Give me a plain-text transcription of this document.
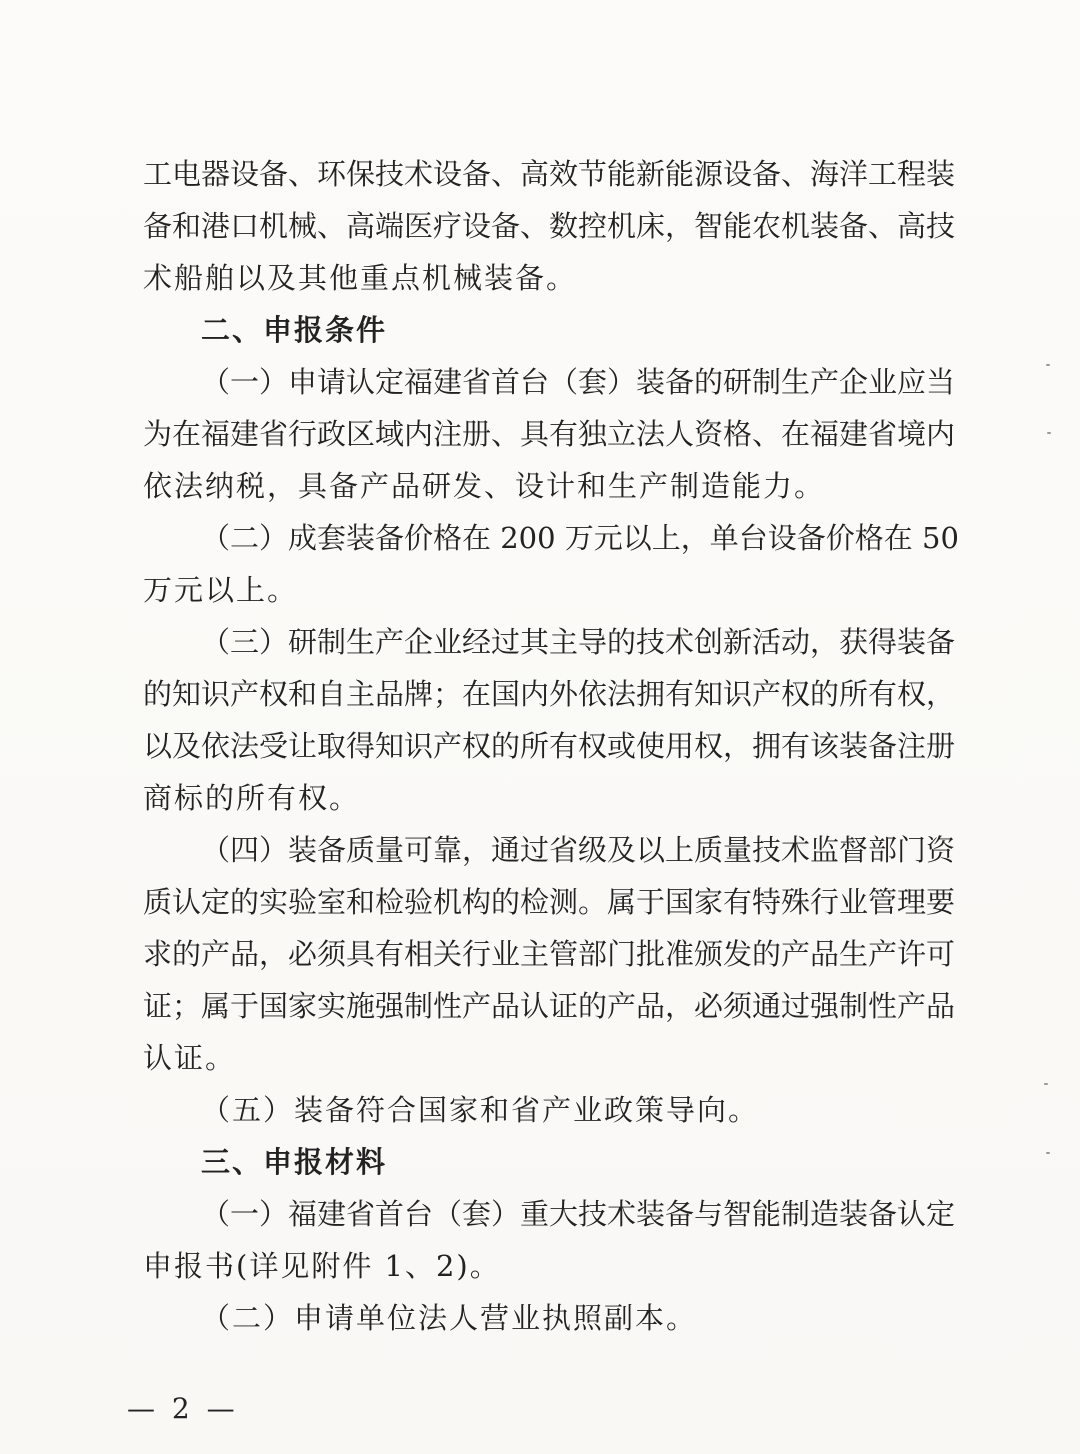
工电器设备、环保技术设备、高效节能新能源设备、海洋工程装
备和港口机械、高端医疗设备、数控机床，智能农机装备、高技
术船舶以及其他重点机械装备。
二、申报条件
（一）申请认定福建省首台（套）装备的研制生产企业应当
为在福建省行政区域内注册、具有独立法人资格、在福建省境内
依法纳税，具备产品研发、设计和生产制造能力。
（二）成套装备价格在 200 万元以上，单台设备价格在 50
万元以上。
（三）研制生产企业经过其主导的技术创新活动，获得装备
的知识产权和自主品牌；在国内外依法拥有知识产权的所有权，
以及依法受让取得知识产权的所有权或使用权，拥有该装备注册
商标的所有权。
（四）装备质量可靠，通过省级及以上质量技术监督部门资
质认定的实验室和检验机构的检测。属于国家有特殊行业管理要
求的产品，必须具有相关行业主管部门批准颁发的产品生产许可
证；属于国家实施强制性产品认证的产品，必须通过强制性产品
认证。
（五）装备符合国家和省产业政策导向。
三、申报材料
（一）福建省首台（套）重大技术装备与智能制造装备认定
申报书(详见附件 1、2)。
（二）申请单位法人营业执照副本。
— 2 —
